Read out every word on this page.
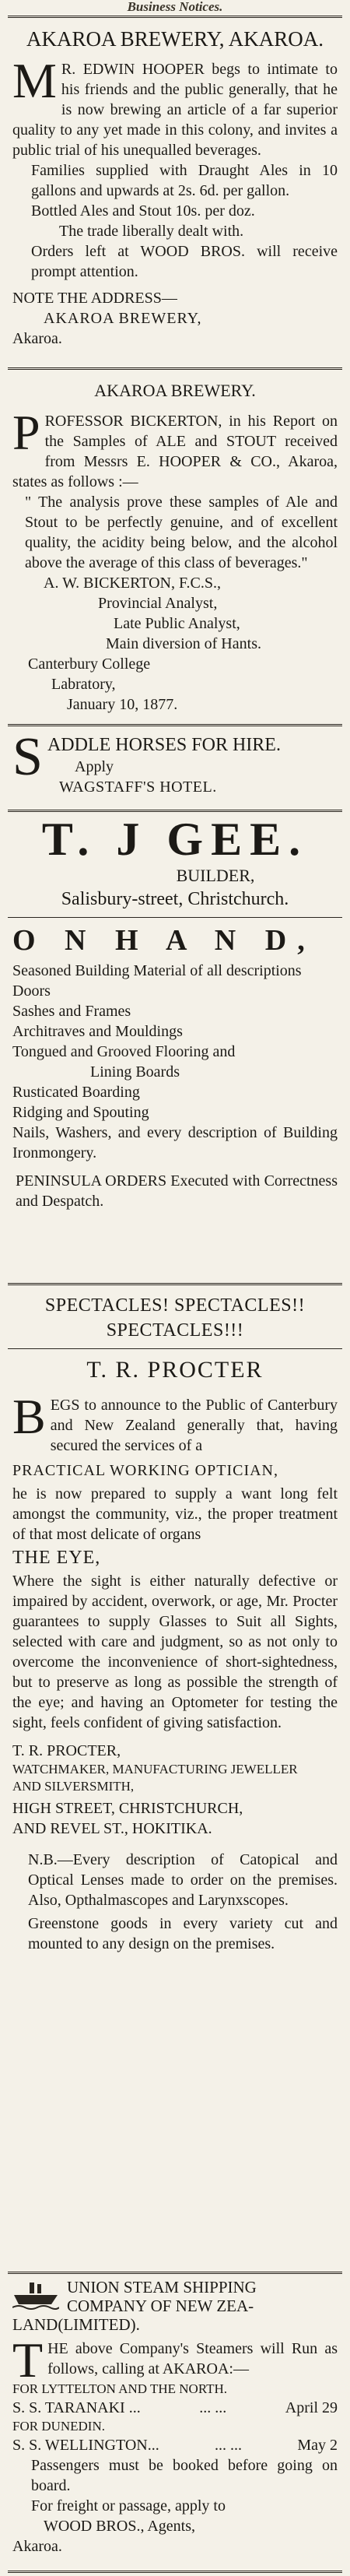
Business Notices.
AKAROA BREWERY, AKAROA.
M R. EDWIN HOOPER begs to intimate to his friends and the public generally, that he is now brewing an article of a far superior quality to any yet made in this colony, and invites a public trial of his unequalled beverages.
Families supplied with Draught Ales in 10 gallons and upwards at 2s. 6d. per gallon.
Bottled Ales and Stout 10s. per doz.
The trade liberally dealt with.
Orders left at WOOD BROS. will receive prompt attention.
NOTE THE ADDRESS—
AKAROA BREWERY,
Akaroa.
AKAROA BREWERY.
PROFESSOR BICKERTON, in his Report on the Samples of ALE and STOUT received from Messrs E. HOOPER & CO., Akaroa, states as follows :—
" The analysis prove these samples of Ale and Stout to be perfectly genuine, and of excellent quality, the acidity being below, and the alcohol above the average of this class of beverages."
A. W. BICKERTON, F.C.S.,
Provincial Analyst,
Late Public Analyst,
Main diversion of Hants.
Canterbury College
Labratory,
January 10, 1877.
SADDLE HORSES FOR HIRE.
Apply
WAGSTAFF'S HOTEL.
T. J GEE.
BUILDER,
Salisbury-street, Christchurch.
O N H A N D,
Seasoned Building Material of all descriptions
Doors
Sashes and Frames
Architraves and Mouldings
Tongued and Grooved Flooring and
Lining Boards
Rusticated Boarding
Ridging and Spouting
Nails, Washers, and every description of Building Ironmongery.
PENINSULA ORDERS Executed with Correctness and Despatch.
SPECTACLES! SPECTACLES!!
SPECTACLES!!!
T. R. PROCTER
BEGS to announce to the Public of Canterbury and New Zealand generally that, having secured the services of a
PRACTICAL WORKING OPTICIAN,
he is now prepared to supply a want long felt amongst the community, viz., the proper treatment of that most delicate of organs
THE EYE,
Where the sight is either naturally defective or impaired by accident, overwork, or age, Mr. Procter guarantees to supply Glasses to Suit all Sights, selected with care and judgment, so as not only to overcome the inconvenience of short-sightedness, but to preserve as long as possible the strength of the eye; and having an Optometer for testing the sight, feels confident of giving satisfaction.
T. R. PROCTER,
WATCHMAKER, MANUFACTURING JEWELLER
AND SILVERSMITH,
HIGH STREET, CHRISTCHURCH,
AND REVEL ST., HOKITIKA.
N.B.—Every description of Catopical and Optical Lenses made to order on the premises. Also, Opthalmascopes and Larynxscopes.
Greenstone goods in every variety cut and mounted to any design on the premises.
UNION STEAM SHIPPING
COMPANY OF NEW ZEA-
LAND(LIMITED).
THE above Company's Steamers will Run as follows, calling at AKAROA:—
FOR LYTTELTON AND THE NORTH.
S. S. TARANAKI ...	... ...	April 29
FOR DUNEDIN.
S. S. WELLINGTON...	... ...	May 2
Passengers must be booked before going on board.
For freight or passage, apply to
WOOD BROS., Agents,
Akaroa.
